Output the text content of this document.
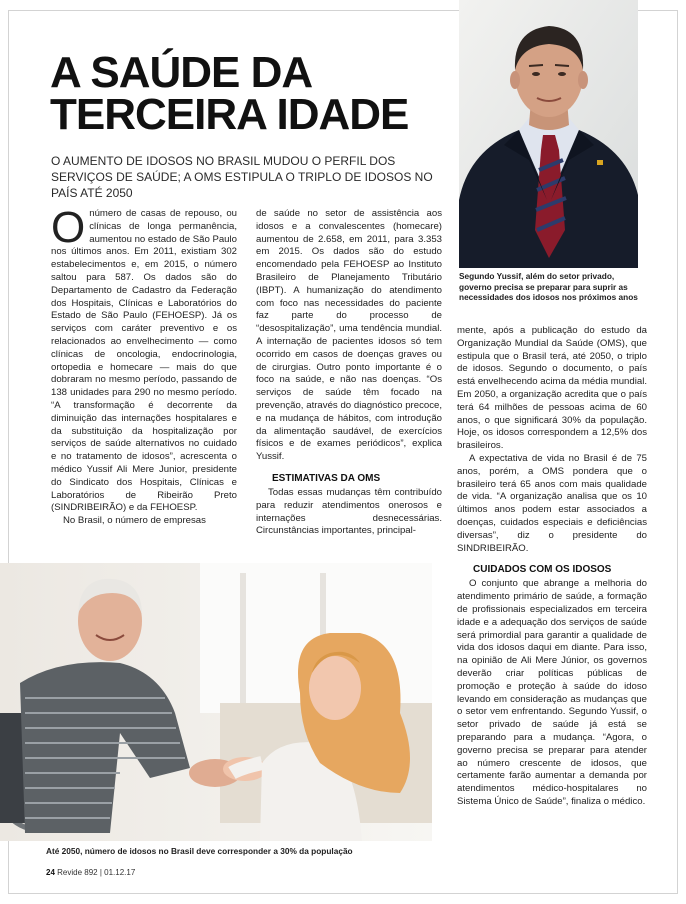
A SAÚDE DA
TERCEIRA IDADE
O AUMENTO DE IDOSOS NO BRASIL MUDOU O PERFIL DOS SERVIÇOS DE SAÚDE; A OMS ESTIPULA O TRIPLO DE IDOSOS NO PAÍS ATÉ 2050
Segundo Yussif, além do setor privado, governo precisa se preparar para suprir as necessidades dos idosos nos próximos anos

O número de casas de repouso, ou clínicas de longa permanência, aumentou no estado de São Paulo nos últimos anos. Em 2011, existiam 302 estabelecimentos e, em 2015, o número saltou para 587. Os dados são do Departamento de Cadastro da Federação dos Hospitais, Clínicas e Laboratórios do Estado de São Paulo (FEHOESP). Já os serviços com caráter preventivo e os relacionados ao envelhecimento — como clínicas de oncologia, endocrinologia, ortopedia e homecare — mais do que dobraram no mesmo período, passando de 138 unidades para 290 no mesmo período. “A transformação é decorrente da diminuição das internações hospitalares e da substituição da hospitalização por serviços de saúde alternativos no cuidado e no tratamento de idosos”, acrescenta o médico Yussif Ali Mere Junior, presidente do Sindicato dos Hospitais, Clínicas e Laboratórios de Ribeirão Preto (SINDRIBEIRÃO) e da FEHOESP.

No Brasil, o número de empresas

de saúde no setor de assistência aos idosos e a convalescentes (homecare) aumentou de 2.658, em 2011, para 3.353 em 2015. Os dados são do estudo encomendado pela FEHOESP ao Instituto Brasileiro de Planejamento Tributário (IBPT). A humanização do atendimento com foco nas necessidades do paciente faz parte do processo de “desospitalização”, uma tendência mundial. A internação de pacientes idosos só tem ocorrido em casos de doenças graves ou de cirurgias. Outro ponto importante é o foco na saúde, e não nas doenças. “Os serviços de saúde têm focado na prevenção, através do diagnóstico precoce, e na mudança de hábitos, com introdução da alimentação saudável, de exercícios físicos e de exames periódicos”, explica Yussif.

ESTIMATIVAS DA OMS

Todas essas mudanças têm contribuído para reduzir atendimentos onerosos e internações desnecessárias. Circunstâncias importantes, principal-

mente, após a publicação do estudo da Organização Mundial da Saúde (OMS), que estipula que o Brasil terá, até 2050, o triplo de idosos. Segundo o documento, o país está envelhecendo acima da média mundial. Em 2050, a organização acredita que o país terá 64 milhões de pessoas acima de 60 anos, o que significará 30% da população. Hoje, os idosos correspondem a 12,5% dos brasileiros.

A expectativa de vida no Brasil é de 75 anos, porém, a OMS pondera que o brasileiro terá 65 anos com mais qualidade de vida. “A organização analisa que os 10 últimos anos podem estar associados a doenças, cuidados especiais e deficiências diversas”, diz o presidente do SINDRIBEIRÃO.

CUIDADOS COM OS IDOSOS

O conjunto que abrange a melhoria do atendimento primário de saúde, a formação de profissionais especializados em terceira idade e a adequação dos serviços de saúde será primordial para garantir a qualidade de vida dos idosos daqui em diante. Para isso, na opinião de Ali Mere Júnior, os governos deverão criar políticas públicas de promoção e proteção à saúde do idoso levando em consideração as mudanças que o setor vem enfrentando. Segundo Yussif, o setor privado de saúde já está se preparando para a mudança. “Agora, o governo precisa se preparar para atender ao número crescente de idosos, que certamente farão aumentar a demanda por atendimentos médico-hospitalares no Sistema Único de Saúde”, finaliza o médico.

Até 2050, número de idosos no Brasil deve corresponder a 30% da população
24 Revide 892 | 01.12.17
